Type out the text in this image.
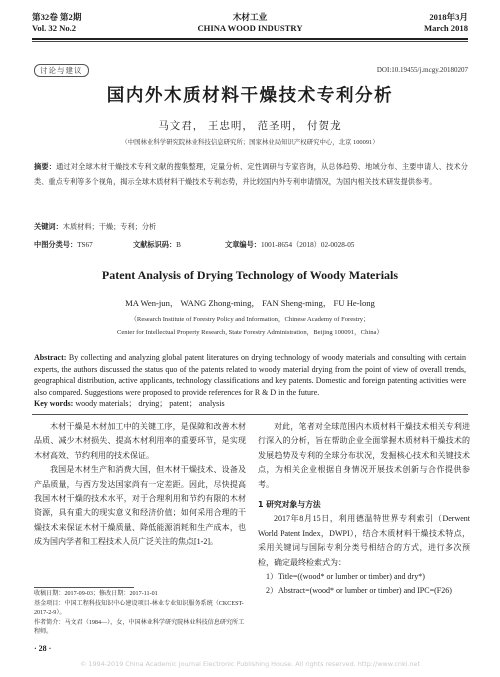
第32卷 第2期
Vol. 32 No.2
木材工业
CHINA WOOD INDUSTRY
2018年3月
March 2018
讨论与建议	DOI:10.19455/j.mcgy.20180207
国内外木质材料干燥技术专利分析
马文君， 王忠明， 范圣明， 付贺龙
（中国林业科学研究院林业科技信息研究所；国家林业局知识产权研究中心，北京 100091）
摘要：通过对全球木材干燥技术专利文献的搜集整理，定量分析、定性调研与专家咨询，从总体趋势、地域分布、主要申请人、技术分类、重点专利等多个视角，揭示全球木质材料干燥技术专利态势，并比较国内外专利申请情况，为国内相关技术研发提供参考。
关键词：木质材料；干燥；专利；分析
中图分类号：TS67	文献标识码：B	文章编号：1001-8654（2018）02-0028-05
Patent Analysis of Drying Technology of Woody Materials
MA Wen-jun， WANG Zhong-ming， FAN Sheng-ming， FU He-long
（Research Institute of Forestry Policy and Information，Chinese Academy of Forestry；
Center for Intellectual Property Research, State Forestry Administration，Beijing 100091，China）
Abstract: By collecting and analyzing global patent literatures on drying technology of woody materials and consulting with certain experts, the authors discussed the status quo of the patents related to woody material drying from the point of view of overall trends, geographical distribution, active applicants, technology classifications and key patents. Domestic and foreign patenting activities were also compared. Suggestions were proposed to provide references for R & D in the future.
Key words: woody materials； drying； patent； analysis

木材干燥是木材加工中的关键工序，是保障和改善木材品质、减少木材损失、提高木材利用率的重要环节，是实现木材高效、节约利用的技术保证。

我国是木材生产和消费大国，但木材干燥技术、设备及产品质量，与西方发达国家尚有一定差距。因此，尽快提高我国木材干燥的技术水平，对于合理利用和节约有限的木材资源，具有重大的现实意义和经济价值；如何采用合理的干燥技术来保证木材干燥质量、降低能源消耗和生产成本，也成为国内学者和工程技术人员广泛关注的焦点[1-2]。

对此，笔者对全球范围内木质材料干燥技术相关专利进行深入的分析，旨在帮助企业全面掌握木质材料干燥技术的发展趋势及专利的全球分布状况，发掘核心技术和关键技术点，为相关企业根据自身情况开展技术创新与合作提供参考。

1 研究对象与方法

2017年8月15日，利用德温特世界专利索引（Derwent World Patent Index，DWPI），结合木质材料干燥技术特点，采用关键词与国际专利分类号相结合的方式，进行多次预检，确定最终检索式为：

1）Title=((wood* or lumber or timber) and dry*)

2）Abstract=(wood* or lumber or timber) and IPC=(F26)

收稿日期：2017-09-03；修改日期：2017-11-01
基金项目：中国工程科技知识中心建设项目-林业专业知识服务系统（CKCEST-2017-2-9）。
作者简介：马文君（1984—），女，中国林业科学研究院林业科技信息研究所工程师。
· 28 ·
© 1994-2019 China Academic Journal Electronic Publishing House. All rights reserved. http://www.cnki.net
